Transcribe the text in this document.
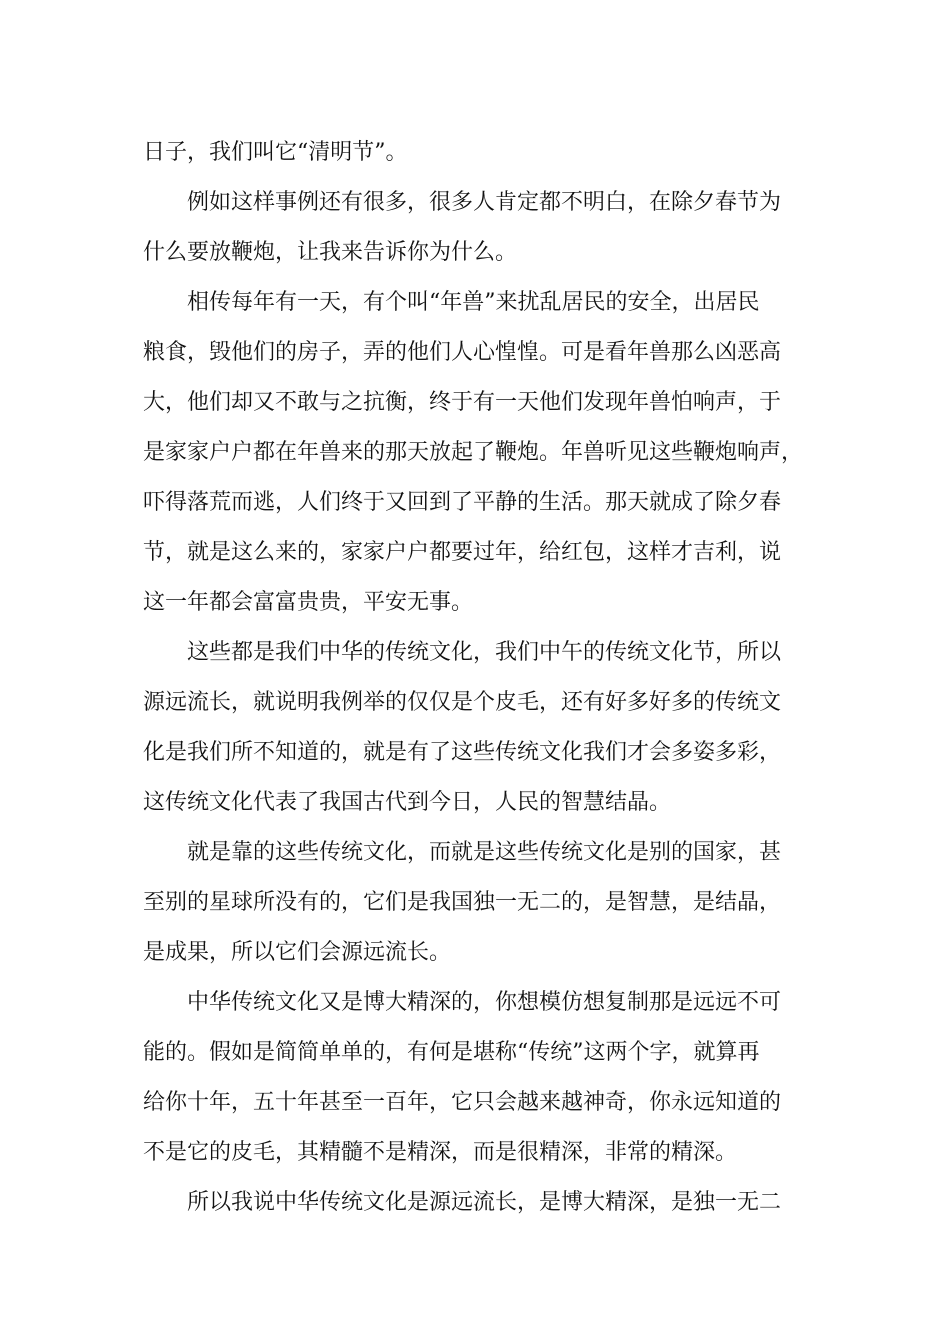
日子，我们叫它“清明节”。
例如这样事例还有很多，很多人肯定都不明白，在除夕春节为
什么要放鞭炮，让我来告诉你为什么。
相传每年有一天，有个叫“年兽”来扰乱居民的安全，出居民
粮食，毁他们的房子，弄的他们人心惶惶。可是看年兽那么凶恶高
大，他们却又不敢与之抗衡，终于有一天他们发现年兽怕响声，于
是家家户户都在年兽来的那天放起了鞭炮。年兽听见这些鞭炮响声，
吓得落荒而逃，人们终于又回到了平静的生活。那天就成了除夕春
节，就是这么来的，家家户户都要过年，给红包，这样才吉利，说
这一年都会富富贵贵，平安无事。
这些都是我们中华的传统文化，我们中午的传统文化节，所以
源远流长，就说明我例举的仅仅是个皮毛，还有好多好多的传统文
化是我们所不知道的，就是有了这些传统文化我们才会多姿多彩，
这传统文化代表了我国古代到今日，人民的智慧结晶。
就是靠的这些传统文化，而就是这些传统文化是别的国家，甚
至别的星球所没有的，它们是我国独一无二的，是智慧，是结晶，
是成果，所以它们会源远流长。
中华传统文化又是博大精深的，你想模仿想复制那是远远不可
能的。假如是简简单单的，有何是堪称“传统”这两个字，就算再
给你十年，五十年甚至一百年，它只会越来越神奇，你永远知道的
不是它的皮毛，其精髓不是精深，而是很精深，非常的精深。
所以我说中华传统文化是源远流长，是博大精深，是独一无二
